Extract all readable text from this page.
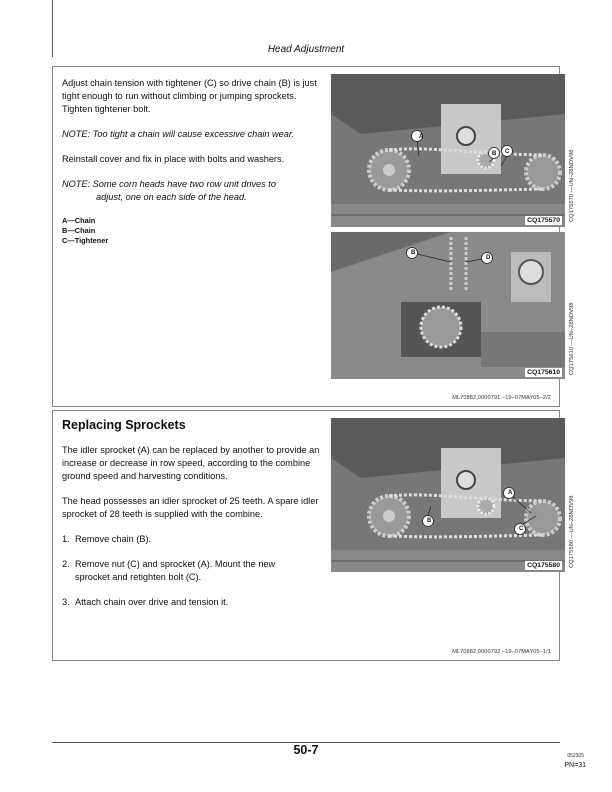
Head Adjustment

Adjust chain tension with tightener (C) so drive chain (B) is just tight enough to run without climbing or jumping sprockets. Tighten tightener bolt.

NOTE: Too tight a chain will cause excessive chain wear.

Reinstall cover and fix in place with bolts and washers.

NOTE: Some corn heads have two row unit drives to
adjust, one on each side of the head.

A—Chain
B—Chain
C—Tightener
A
B	C
CQ175570	CQ175570 —UN–28NOV98
B
D
CQ175610	CQ175610 —UN–28NOV98
ML70882,0000791 –19–07MAY05–2/2
Replacing Sprockets

The idler sprocket (A) can be replaced by another to provide an increase or decrease in row speed, according to the combine ground speed and harvesting conditions.

The head possesses an idler sprocket of 25 teeth. A spare idler sprocket of 28 teeth is supplied with the combine.

1. Remove chain (B).
2. Remove nut (C) and sprocket (A). Mount the new
sprocket and retighten bolt (C).
3. Attach chain over drive and tension it.
A
B
C
CQ175580	CQ175580 —UN–28NOV98
ML70882,0000792 –19–07MAY05–1/1
50-7	052305
PN=31
